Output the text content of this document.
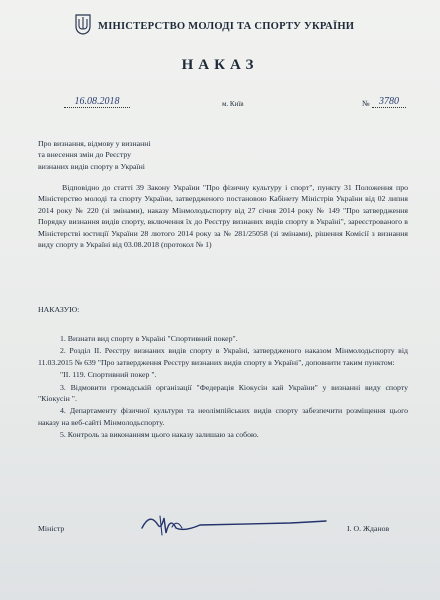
МІНІСТЕРСТВО МОЛОДІ ТА СПОРТУ УКРАЇНИ
НАКАЗ
16.08.2018	м. Київ	№ 3780
Про визнання, відмову у визнанні
та внесення змін до Реєстру
визнаних видів спорту в Україні
Відповідно до статті 39 Закону України "Про фізичну культуру і спорт", пункту 31 Положення про Міністерство молоді та спорту України, затвердженого постановою Кабінету Міністрів України від 02 липня 2014 року № 220 (зі змінами), наказу Мінмолодьспорту від 27 січня 2014 року № 149 "Про затвердження Порядку визнання видів спорту, включення їх до Реєстру визнаних видів спорту в Україні", зареєстрованого в Міністерстві юстиції України 28 лютого 2014 року за № 281/25058 (зі змінами), рішення Комісії з визнання виду спорту в Україні від 03.08.2018 (протокол № 1)
НАКАЗУЮ:

1. Визнати вид спорту в Україні "Спортивний покер".

2. Розділ ІІ. Реєстру визнаних видів спорту в Україні, затвердженого наказом Мінмолодьспорту від 11.03.2015 № 639 "Про затвердження Реєстру визнаних видів спорту в Україні", доповнити таким пунктом:

"ІІ. 119. Спортивний покер ".

3. Відмовити громадській організації "Федерація Кіокусін кай України" у визнанні виду спорту "Кіокусін ".

4. Департаменту фізичної культури та неолімпійських видів спорту забезпечити розміщення цього наказу на веб-сайті Мінмолодьспорту.

5. Контроль за виконанням цього наказу залишаю за собою.

Міністр	І. О. Жданов
